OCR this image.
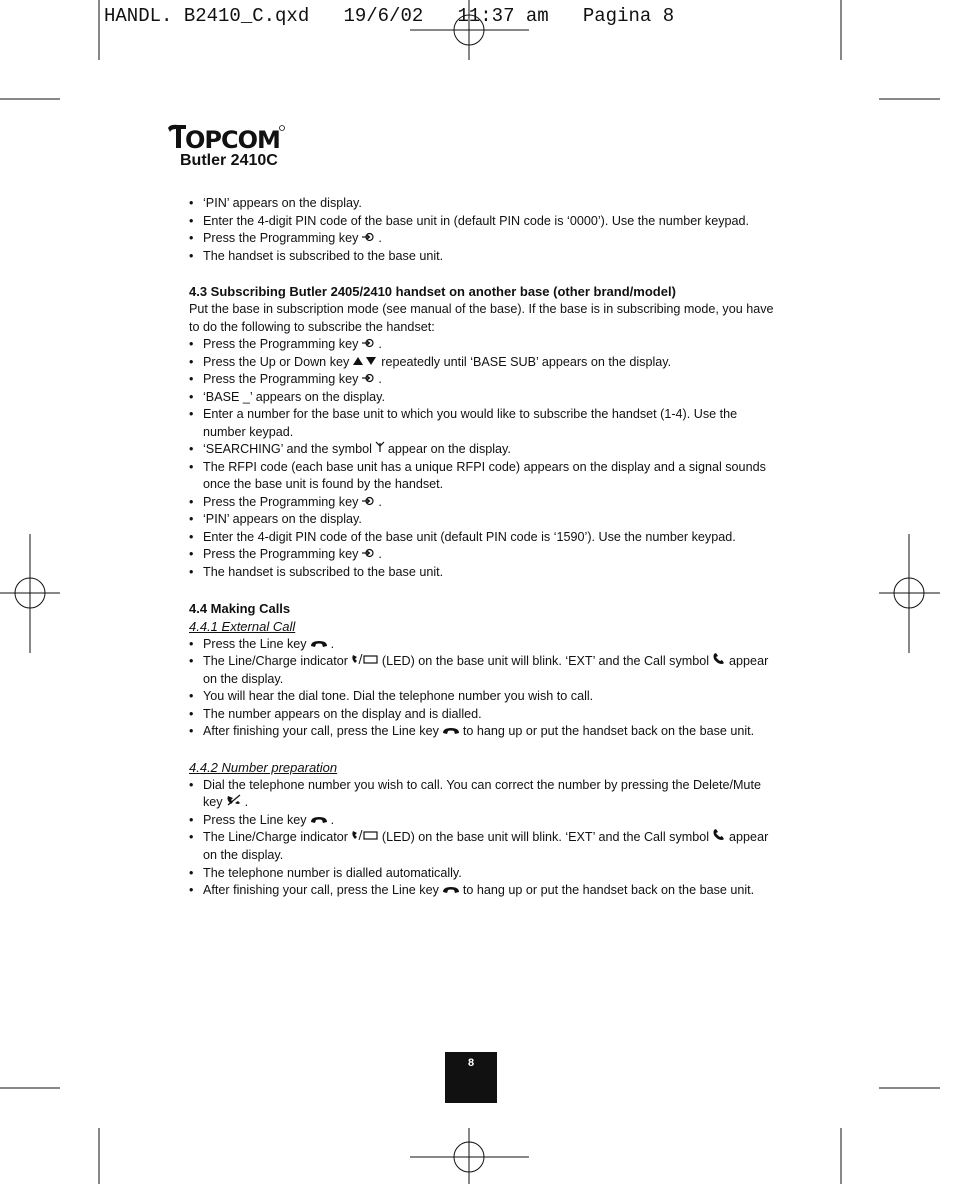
HANDL. B2410_C.qxd   19/6/02   11:37 am   Pagina 8
OPCOM
Butler 2410C
• ‘PIN’ appears on the display.
• Enter the 4-digit PIN code of the base unit in (default PIN code is ‘0000’). Use the number keypad.
• Press the Programming key .
• The handset is subscribed to the base unit.
4.3 Subscribing Butler 2405/2410 handset on another base (other brand/model)

Put the base in subscription mode (see manual of the base). If the base is in subscribing mode, you have to do the following to subscribe the handset:

• Press the Programming key .
• Press the Up or Down key	repeatedly until ‘BASE SUB’ appears on the display.
• Press the Programming key .
• ‘BASE _’ appears on the display.
• Enter a number for the base unit to which you would like to subscribe the handset (1-4). Use the number keypad.
• ‘SEARCHING’ and the symbol appear on the display.
• The RFPI code (each base unit has a unique RFPI code) appears on the display and a signal sounds once the base unit is found by the handset.
• Press the Programming key .
• ‘PIN’ appears on the display.
• Enter the 4-digit PIN code of the base unit (default PIN code is ‘1590’). Use the number keypad.
• Press the Programming key .
• The handset is subscribed to the base unit.
4.4 Making Calls
4.4.1 External Call
• Press the Line key .
• The Line/Charge indicator	(LED) on the base unit will blink. ‘EXT’ and the Call symbol appear on the display.
• You will hear the dial tone. Dial the telephone number you wish to call.
• The number appears on the display and is dialled.
• After finishing your call, press the Line key to hang up or put the handset back on the base unit.
4.4.2 Number preparation
• Dial the telephone number you wish to call. You can correct the number by pressing the Delete/Mute key .
• Press the Line key .
• The Line/Charge indicator	(LED) on the base unit will blink. ‘EXT’ and the Call symbol appear on the display.
• The telephone number is dialled automatically.
• After finishing your call, press the Line key to hang up or put the handset back on the base unit.
8
